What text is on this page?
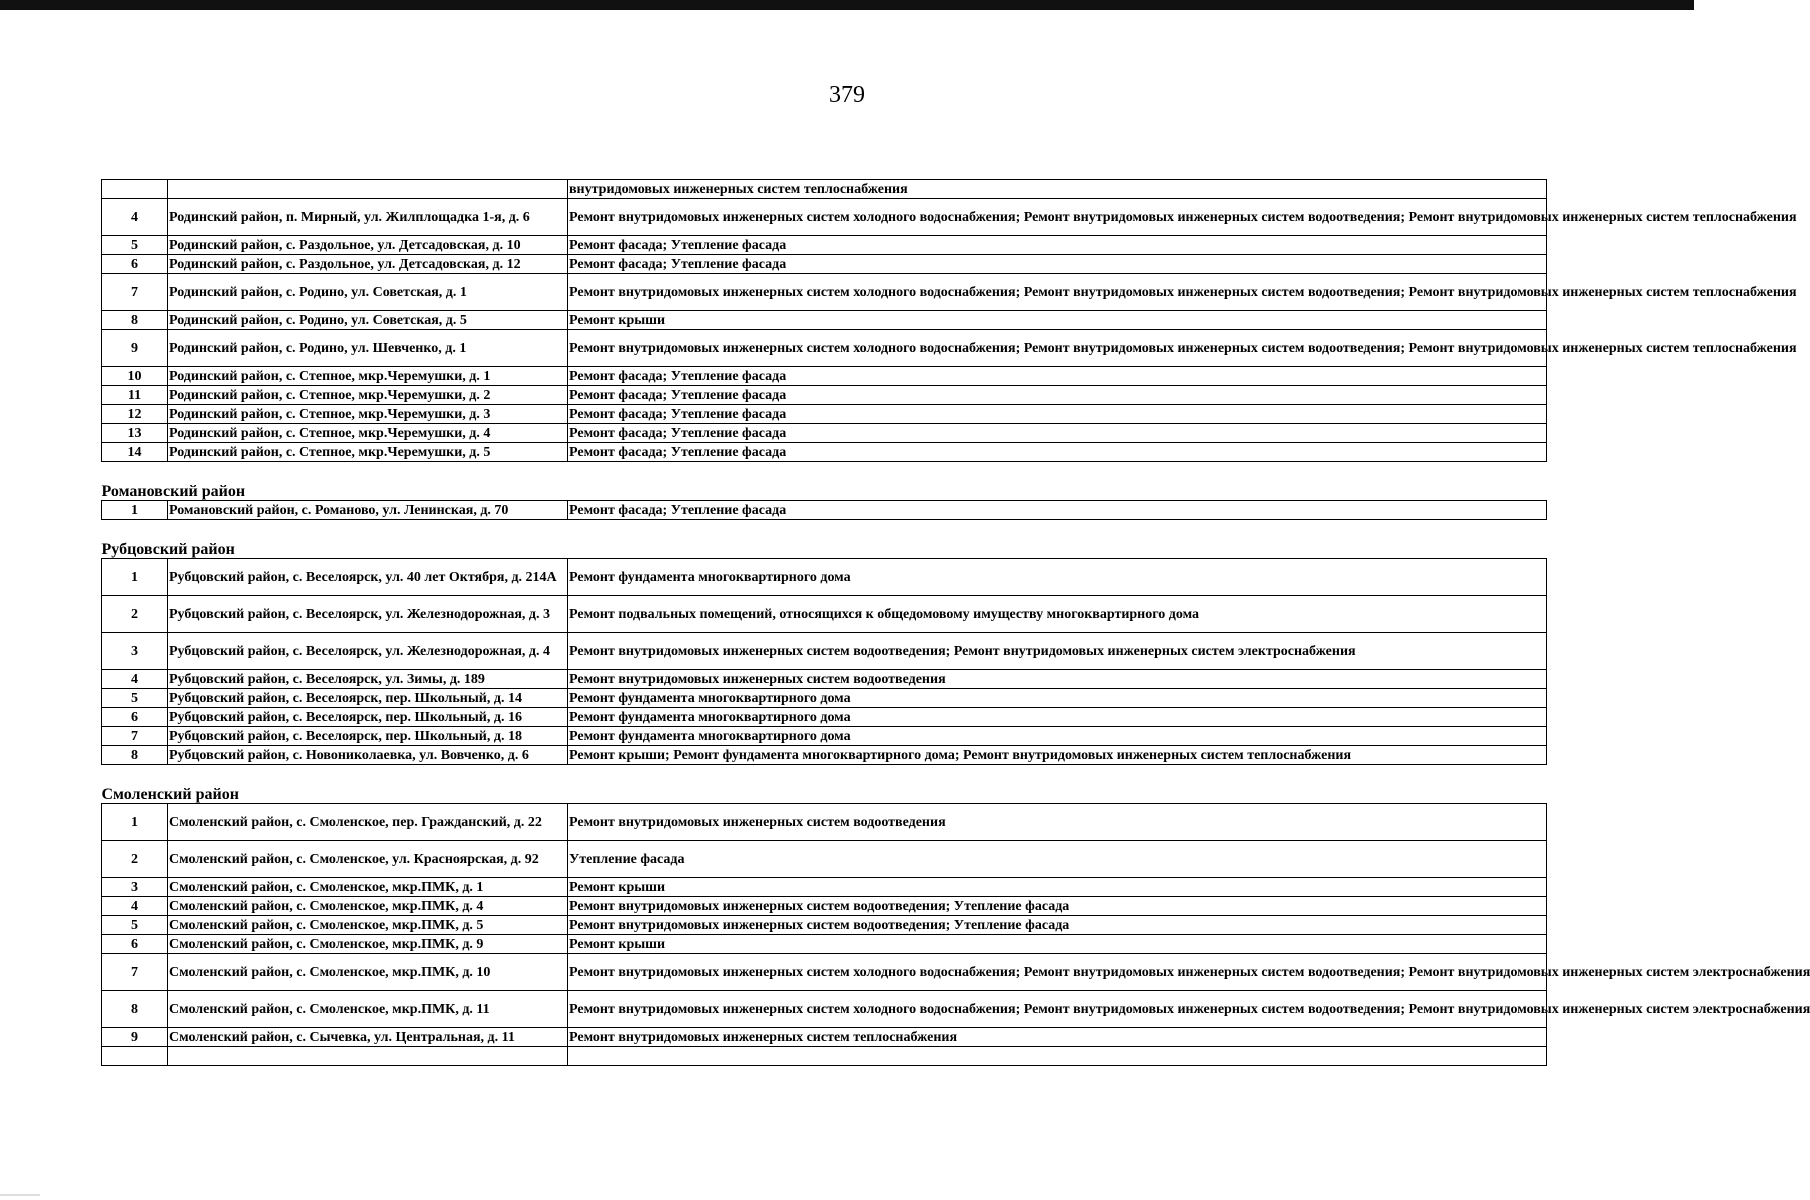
379
		внутридомовых инженерных систем теплоснабжения
4	Родинский район, п. Мирный, ул. Жилплощадка 1-я, д. 6	Ремонт внутридомовых инженерных систем холодного водоснабжения; Ремонт внутридомовых инженерных систем водоотведения; Ремонт внутридомовых инженерных систем теплоснабжения
5	Родинский район, с. Раздольное, ул. Детсадовская, д. 10	Ремонт фасада; Утепление фасада
6	Родинский район, с. Раздольное, ул. Детсадовская, д. 12	Ремонт фасада; Утепление фасада
7	Родинский район, с. Родино, ул. Советская, д. 1	Ремонт внутридомовых инженерных систем холодного водоснабжения; Ремонт внутридомовых инженерных систем водоотведения; Ремонт внутридомовых инженерных систем теплоснабжения
8	Родинский район, с. Родино, ул. Советская, д. 5	Ремонт крыши
9	Родинский район, с. Родино, ул. Шевченко, д. 1	Ремонт внутридомовых инженерных систем холодного водоснабжения; Ремонт внутридомовых инженерных систем водоотведения; Ремонт внутридомовых инженерных систем теплоснабжения
10	Родинский район, с. Степное, мкр.Черемушки, д. 1	Ремонт фасада; Утепление фасада
11	Родинский район, с. Степное, мкр.Черемушки, д. 2	Ремонт фасада; Утепление фасада
12	Родинский район, с. Степное, мкр.Черемушки, д. 3	Ремонт фасада; Утепление фасада
13	Родинский район, с. Степное, мкр.Черемушки, д. 4	Ремонт фасада; Утепление фасада
14	Родинский район, с. Степное, мкр.Черемушки, д. 5	Ремонт фасада; Утепление фасада
Романовский район		
1	Романовский район, с. Романово, ул. Ленинская, д. 70	Ремонт фасада; Утепление фасада
Рубцовский район		
1	Рубцовский район, с. Веселоярск, ул. 40 лет Октября, д. 214А	Ремонт фундамента многоквартирного дома
2	Рубцовский район, с. Веселоярск, ул. Железнодорожная, д. 3	Ремонт подвальных помещений, относящихся к общедомовому имуществу многоквартирного дома
3	Рубцовский район, с. Веселоярск, ул. Железнодорожная, д. 4	Ремонт внутридомовых инженерных систем водоотведения; Ремонт внутридомовых инженерных систем электроснабжения
4	Рубцовский район, с. Веселоярск, ул. Зимы, д. 189	Ремонт внутридомовых инженерных систем водоотведения
5	Рубцовский район, с. Веселоярск, пер. Школьный, д. 14	Ремонт фундамента многоквартирного дома
6	Рубцовский район, с. Веселоярск, пер. Школьный, д. 16	Ремонт фундамента многоквартирного дома
7	Рубцовский район, с. Веселоярск, пер. Школьный, д. 18	Ремонт фундамента многоквартирного дома
8	Рубцовский район, с. Новониколаевка, ул. Вовченко, д. 6	Ремонт крыши; Ремонт фундамента многоквартирного дома; Ремонт внутридомовых инженерных систем теплоснабжения
Смоленский район		
1	Смоленский район, с. Смоленское, пер. Гражданский, д. 22	Ремонт внутридомовых инженерных систем водоотведения
2	Смоленский район, с. Смоленское, ул. Красноярская, д. 92	Утепление фасада
3	Смоленский район, с. Смоленское, мкр.ПМК, д. 1	Ремонт крыши
4	Смоленский район, с. Смоленское, мкр.ПМК, д. 4	Ремонт внутридомовых инженерных систем водоотведения; Утепление фасада
5	Смоленский район, с. Смоленское, мкр.ПМК, д. 5	Ремонт внутридомовых инженерных систем водоотведения; Утепление фасада
6	Смоленский район, с. Смоленское, мкр.ПМК, д. 9	Ремонт крыши
7	Смоленский район, с. Смоленское, мкр.ПМК, д. 10	Ремонт внутридомовых инженерных систем холодного водоснабжения; Ремонт внутридомовых инженерных систем водоотведения; Ремонт внутридомовых инженерных систем электроснабжения
8	Смоленский район, с. Смоленское, мкр.ПМК, д. 11	Ремонт внутридомовых инженерных систем холодного водоснабжения; Ремонт внутридомовых инженерных систем водоотведения; Ремонт внутридомовых инженерных систем электроснабжения
9	Смоленский район, с. Сычевка, ул. Центральная, д. 11	Ремонт внутридомовых инженерных систем теплоснабжения
